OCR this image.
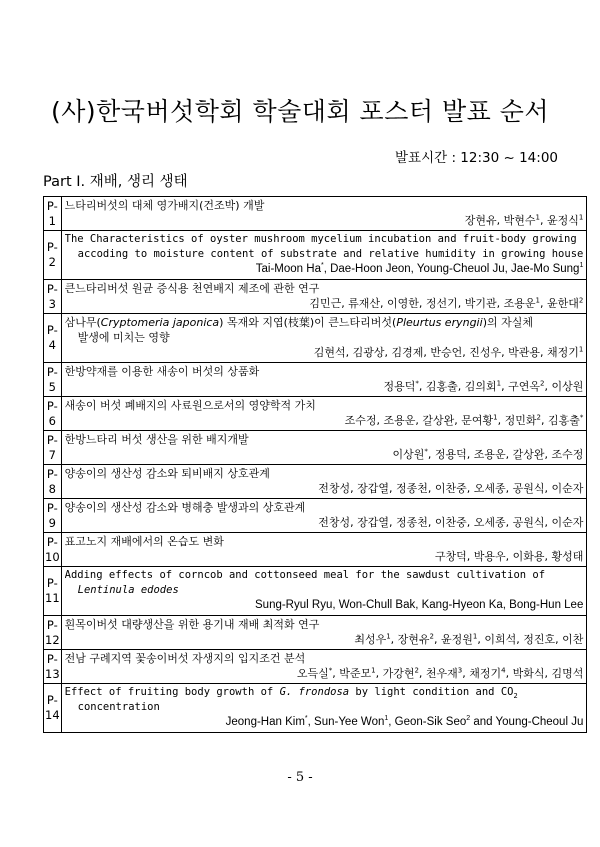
(사)한국버섯학회 학술대회 포스터 발표 순서
발표시간 : 12:30 ~ 14:00
Part Ⅰ. 재배, 생리 생태
P-1	느타리버섯의 대체 영가배지(건조박) 개발
장현유, 박현수$^1$, 윤정식$^1$

P-2	The Characteristics of oyster mushroom mycelium incubation and fruit-body growing
accoding to moisture content of substrate and relative humidity in growing house
Tai-Moon Ha*, Dae-Hoon Jeon, Young-Cheuol Ju, Jae-Mo Sung$^1$

P-3	큰느타리버섯 원균 증식용 천연배지 제조에 관한 연구
김민근, 류재산, 이영한, 정선기, 박기관, 조용운$^1$, 윤한대$^2$

P-4	삼나무(Cryptomeria japonica) 목재와 지엽(枝葉)이 큰느타리버섯(Pleurtus eryngii)의 자실체
발생에 미치는 영향
김현석, 김광상, 김경제, 반승언, 진성우, 박관용, 채정기$^1$

P-5	한방약재를 이용한 새송이 버섯의 상품화
정용덕*, 김홍출, 김의회$^1$, 구연옥$^2$, 이상원

P-6	새송이 버섯 폐배지의 사료원으로서의 영양학적 가치
조수정, 조용운, 갈상완, 문여황$^1$, 정민화$^2$, 김홍출*

P-7	한방느타리 버섯 생산을 위한 배지개발
이상원*, 정용덕, 조용운, 갈상완, 조수정

P-8	양송이의 생산성 감소와 퇴비배지 상호관계
전창성, 장갑열, 정종천, 이찬중, 오세종, 공원식, 이순자

P-9	양송이의 생산성 감소와 병해충 발생과의 상호관계
전창성, 장갑열, 정종천, 이찬중, 오세종, 공원식, 이순자

P-10	표고노지 재배에서의 온습도 변화
구창덕, 박용우, 이화용, 황성태

P-11	Adding effects of corncob and cottonseed meal for the sawdust cultivation of
Lentinula edodes
Sung-Ryul Ryu, Won-Chull Bak, Kang-Hyeon Ka, Bong-Hun Lee

P-12	흰목이버섯 대량생산을 위한 용기내 재배 최적화 연구
최성우$^1$, 장현유$^2$, 윤정원$^1$, 이희석, 정진호, 이찬

P-13	전남 구례지역 꽃송이버섯 자생지의 입지조건 분석
오득실*, 박준모$^1$, 가강현$^2$, 천우재$^3$, 채정기$^4$, 박화식, 김명석

P-14	Effect of fruiting body growth of G. frondosa by light condition and $CO_2$
concentration
Jeong-Han Kim*, Sun-Yee Won$^1$, Geon-Sik Seo$^2$ and Young-Cheoul Ju
- 5 -
